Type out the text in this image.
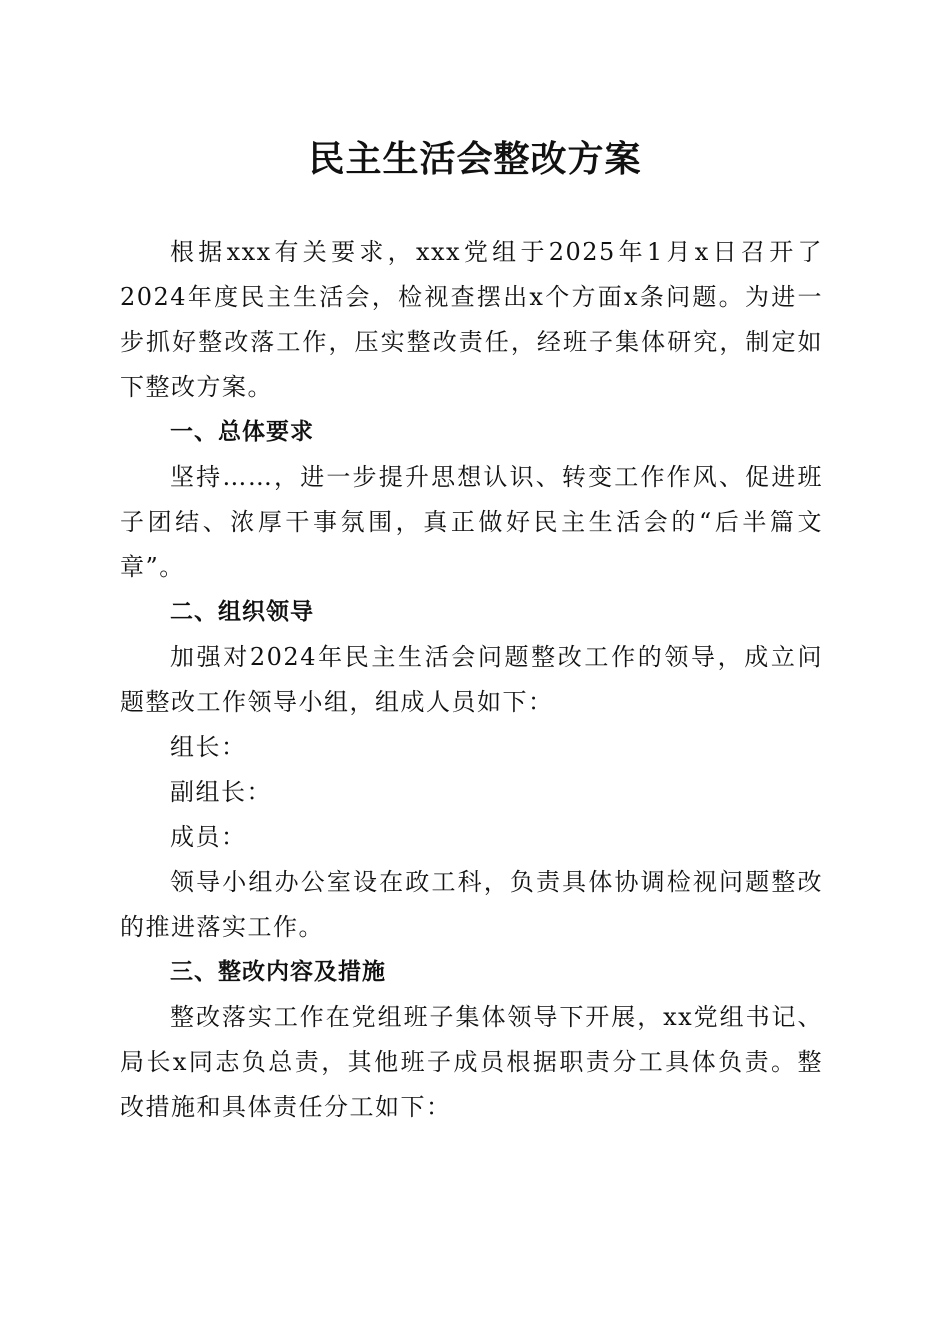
民主生活会整改方案

根据xxx有关要求，xxx党组于2025年1月x日召开了2024年度民主生活会，检视查摆出x个方面x条问题。为进一步抓好整改落工作，压实整改责任，经班子集体研究，制定如下整改方案。

一、总体要求

坚持……，进一步提升思想认识、转变工作作风、促进班子团结、浓厚干事氛围，真正做好民主生活会的“后半篇文章”。

二、组织领导

加强对2024年民主生活会问题整改工作的领导，成立问题整改工作领导小组，组成人员如下：

组长：

副组长：

成员：

领导小组办公室设在政工科，负责具体协调检视问题整改的推进落实工作。

三、整改内容及措施

整改落实工作在党组班子集体领导下开展，xx党组书记、局长x同志负总责，其他班子成员根据职责分工具体负责。整改措施和具体责任分工如下：
